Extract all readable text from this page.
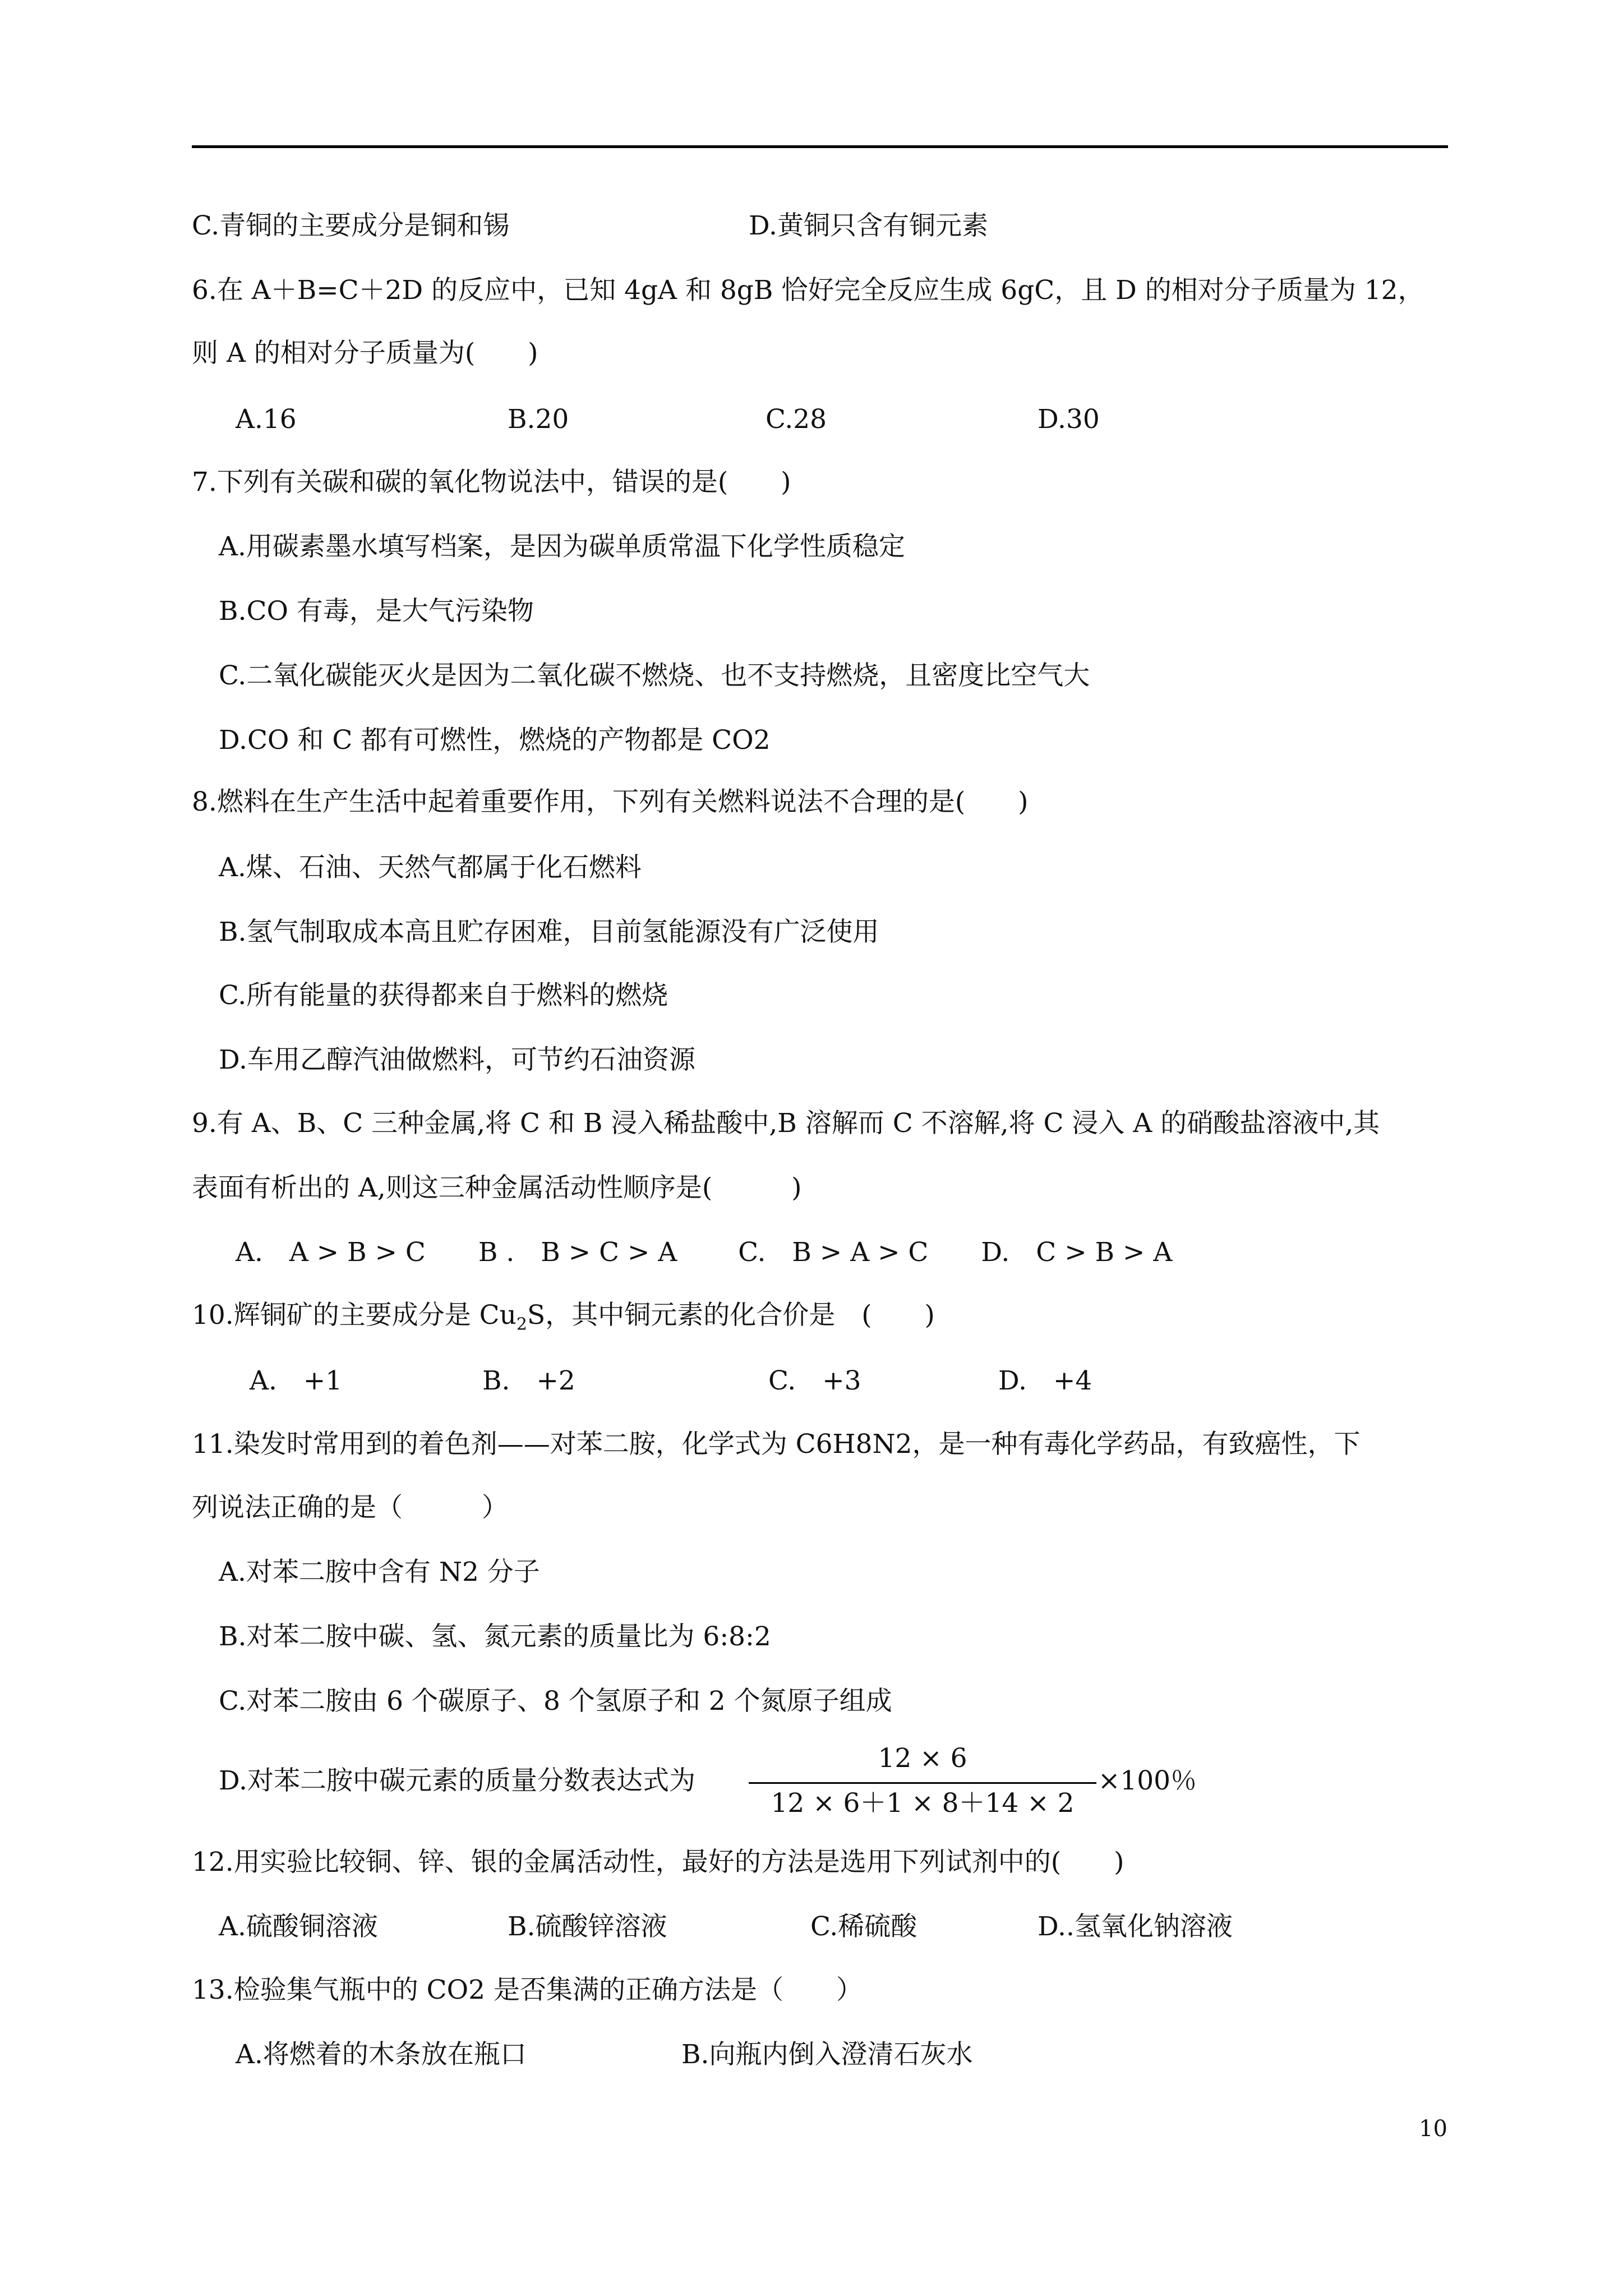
C.青铜的主要成分是铜和锡	D.黄铜只含有铜元素
6.在 A＋B=C＋2D 的反应中，已知 4gA 和 8gB 恰好完全反应生成 6gC，且 D 的相对分子质量为 12，
则 A 的相对分子质量为(　　)
A.16	B.20	C.28	D.30
7.下列有关碳和碳的氧化物说法中，错误的是(　　)
A.用碳素墨水填写档案，是因为碳单质常温下化学性质稳定
B.CO 有毒，是大气污染物
C.二氧化碳能灭火是因为二氧化碳不燃烧、也不支持燃烧，且密度比空气大
D.CO 和 C 都有可燃性，燃烧的产物都是 CO2
8.燃料在生产生活中起着重要作用，下列有关燃料说法不合理的是(　　)
A.煤、石油、天然气都属于化石燃料
B.氢气制取成本高且贮存困难，目前氢能源没有广泛使用
C.所有能量的获得都来自于燃料的燃烧
D.车用乙醇汽油做燃料，可节约石油资源
9.有 A、B、C 三种金属,将 C 和 B 浸入稀盐酸中,B 溶解而 C 不溶解,将 C 浸入 A 的硝酸盐溶液中,其
表面有析出的 A,则这三种金属活动性顺序是(　　　)
A.　A > B > C　　B .　B > C > A　　 C.　B > A > C　　D.　C > B > A
10.辉铜矿的主要成分是 $Cu_2S$，其中铜元素的化合价是　(　　)
A.　+1	B.　+2	C.　+3	D.　+4
11.染发时常用到的着色剂——对苯二胺，化学式为 C6H8N2，是一种有毒化学药品，有致癌性，下
列说法正确的是（　　　）
A.对苯二胺中含有 N2 分子
B.对苯二胺中碳、氢、氮元素的质量比为 6:8:2
C.对苯二胺由 6 个碳原子、8 个氢原子和 2 个氮原子组成
D.对苯二胺中碳元素的质量分数表达式为
12 × 6
12 × 6＋1 × 8＋14 × 2
×100％
12.用实验比较铜、锌、银的金属活动性，最好的方法是选用下列试剂中的(　　)
A.硫酸铜溶液	B.硫酸锌溶液	C.稀硫酸	D..氢氧化钠溶液
13.检验集气瓶中的 CO2 是否集满的正确方法是（　　）
A.将燃着的木条放在瓶口	B.向瓶内倒入澄清石灰水
10
